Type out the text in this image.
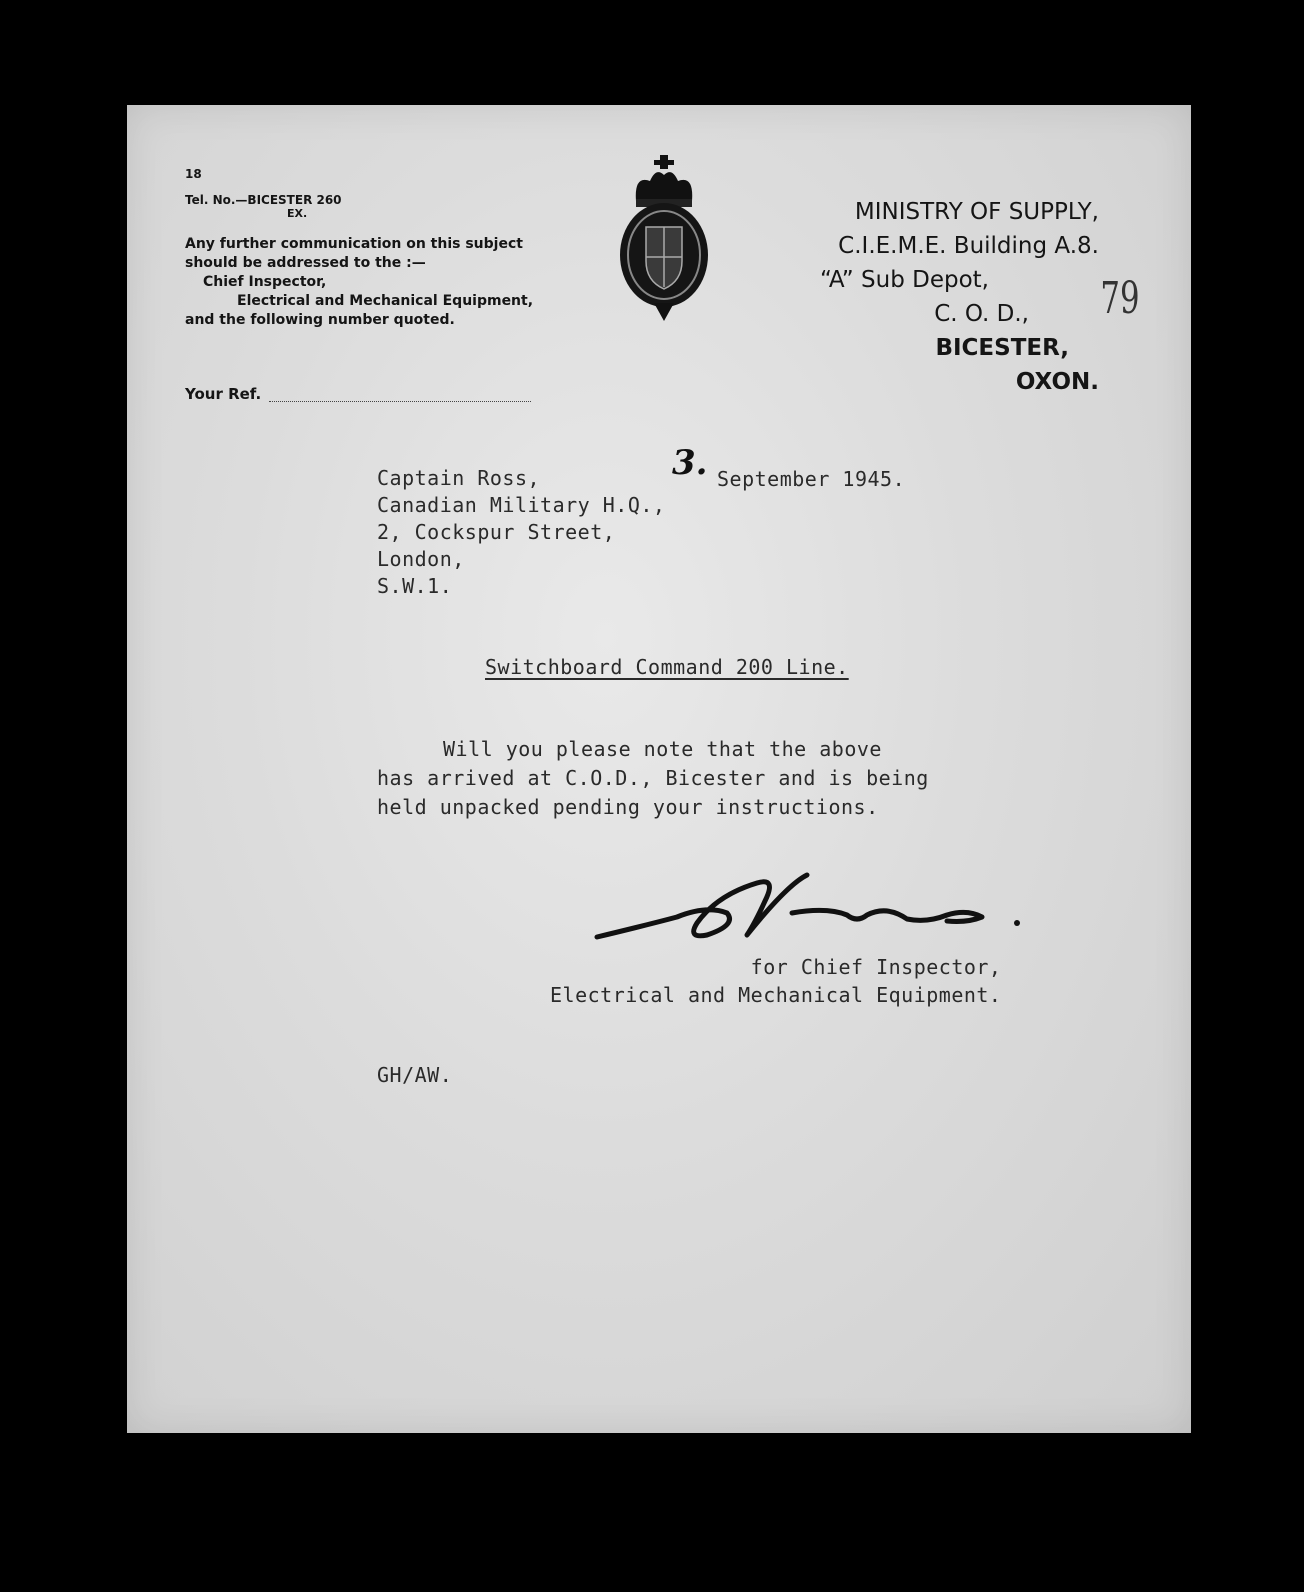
18
Tel. No.—BICESTER 260
EX.
Any further communication on this subject
should be addressed to the :—
Chief Inspector,
Electrical and Mechanical Equipment,
and the following number quoted.
Your Ref.
MINISTRY OF SUPPLY,
C.I.E.M.E. Building A.8.
“A” Sub Depot,
C. O. D.,
BICESTER,
OXON.
79
3. September 1945.
Captain Ross,
Canadian Military H.Q.,
2, Cockspur Street,
London,
S.W.1.
Switchboard Command 200 Line.
Will you please note that the above
has arrived at C.O.D., Bicester and is being
held unpacked pending your instructions.
for Chief Inspector,
Electrical and Mechanical Equipment.
GH/AW.
